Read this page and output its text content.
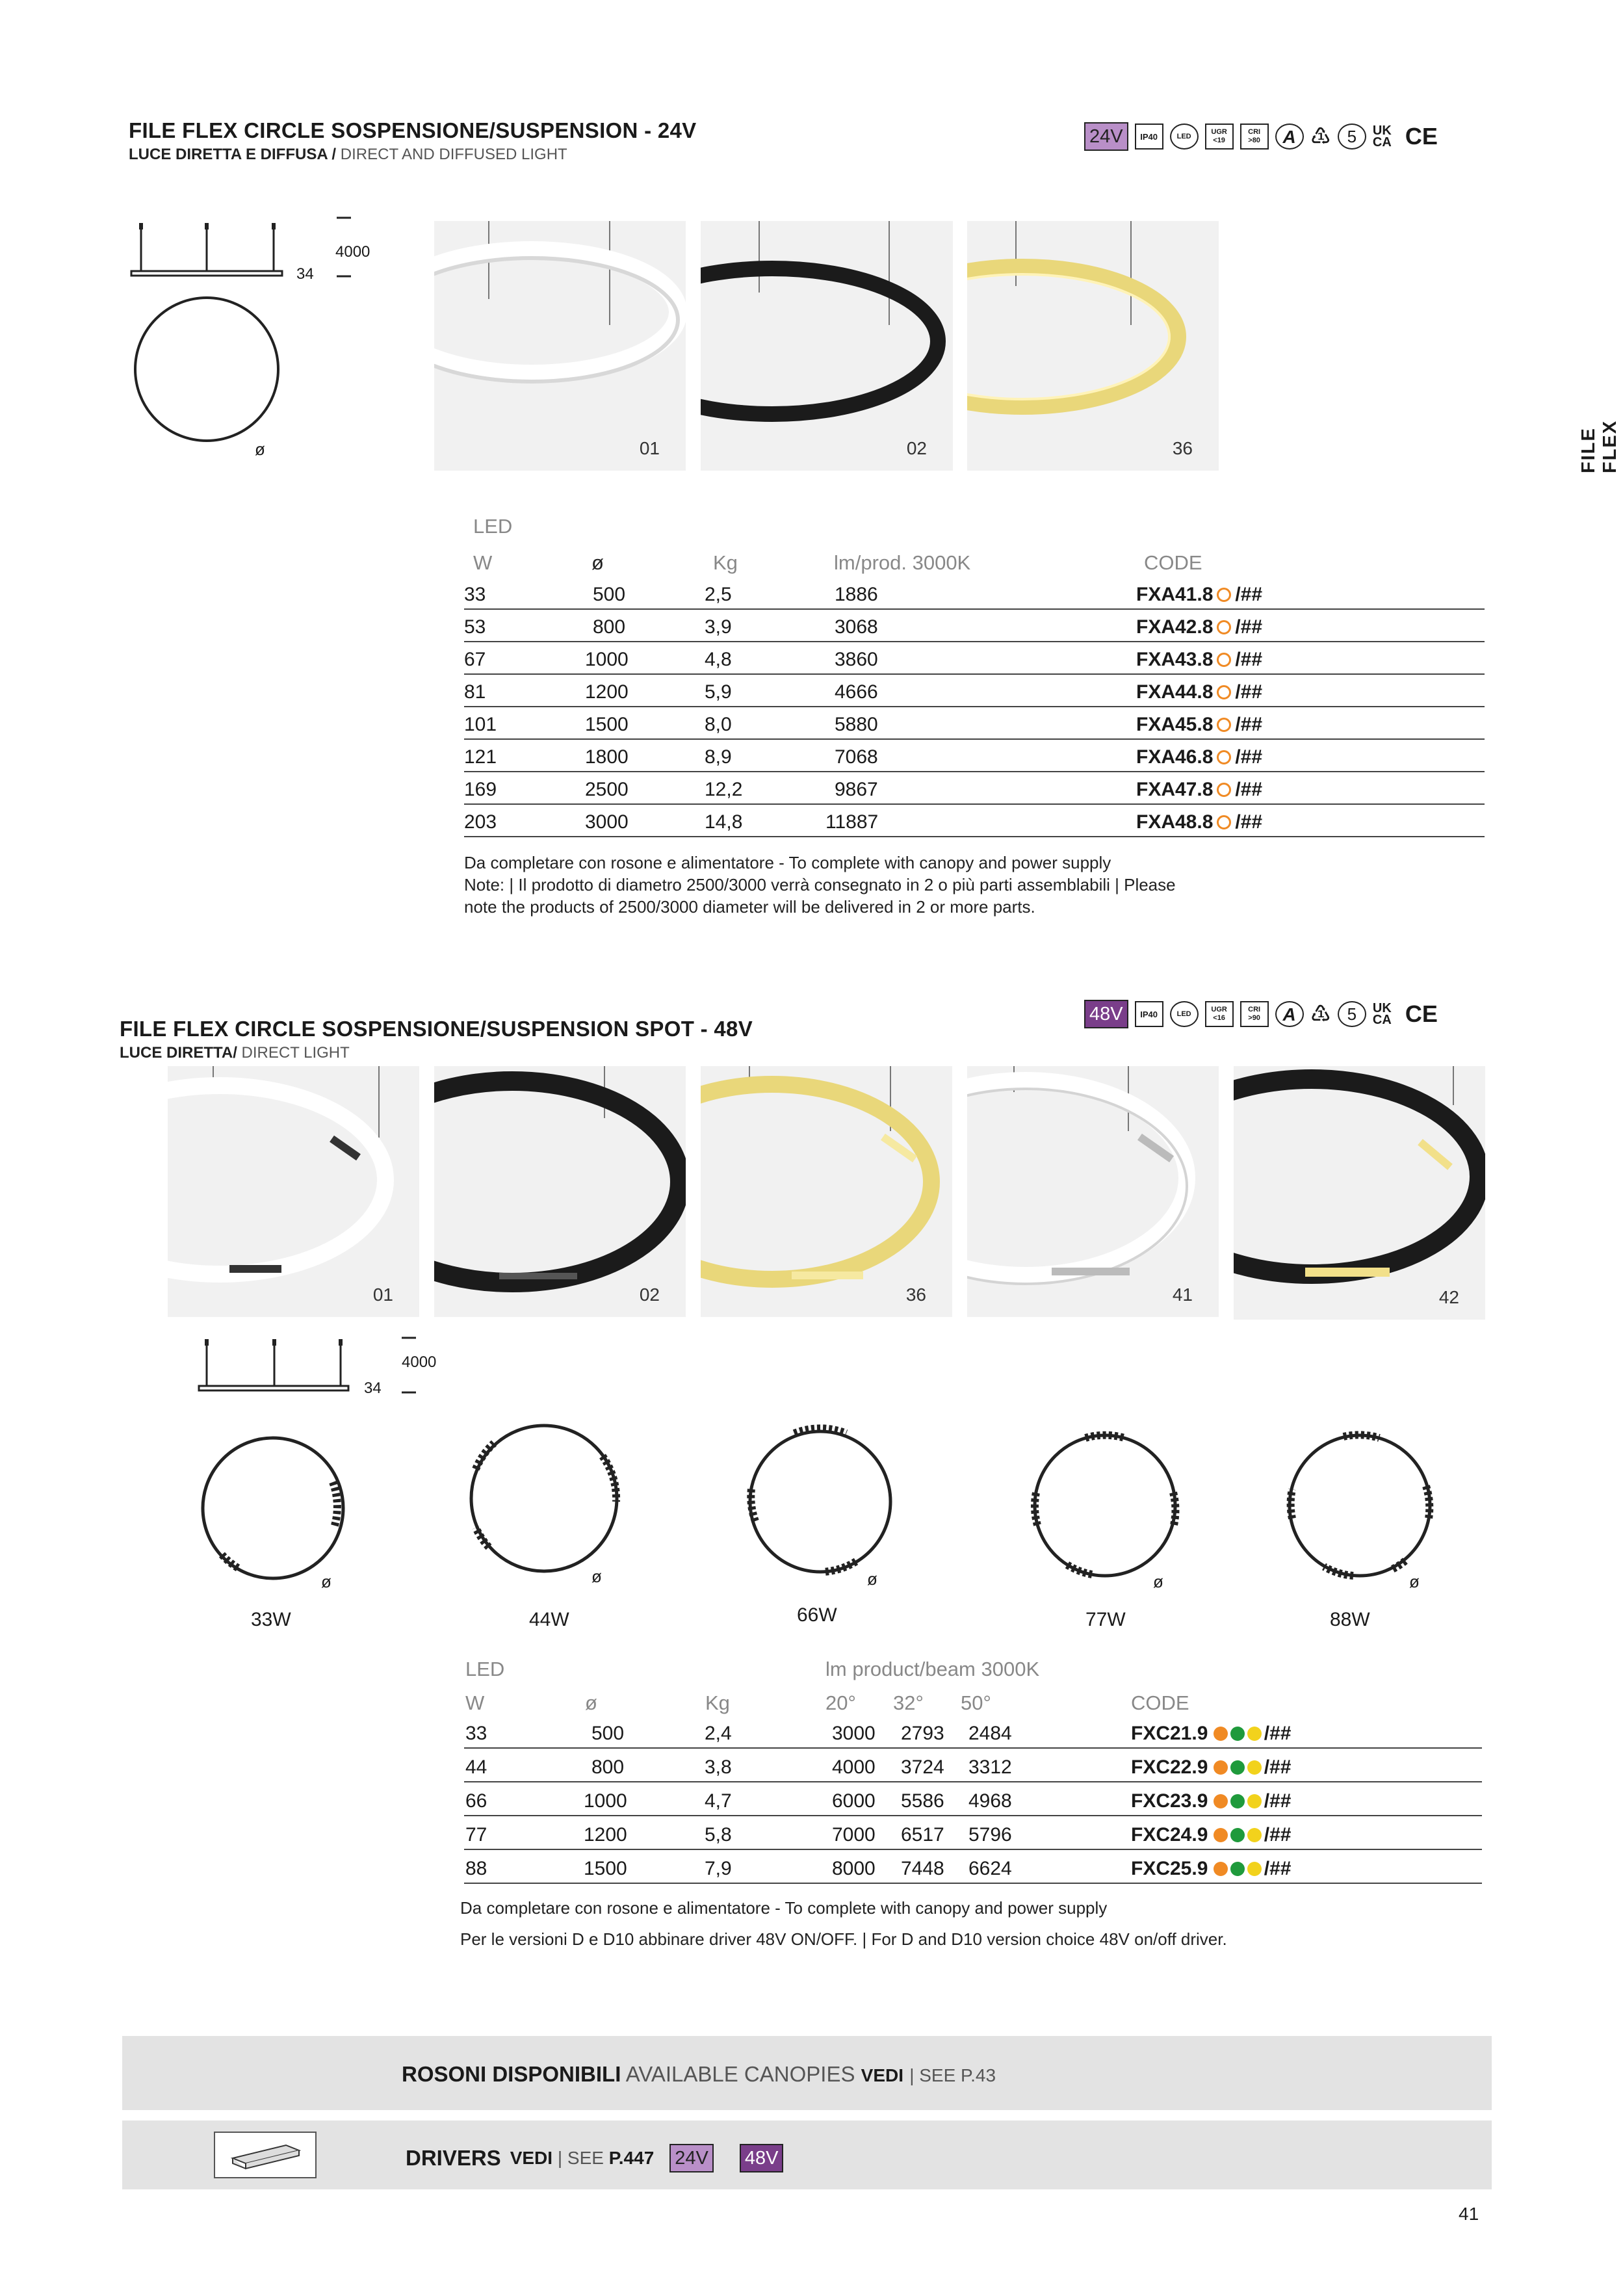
FILE FLEX
FILE FLEX CIRCLE SOSPENSIONE/SUSPENSION - 24V
LUCE DIRETTA E DIFFUSA / DIRECT AND DIFFUSED LIGHT
24V	IP40	LED
UGR <19
CRI >80	A ♳ 5	UK CA CE
4000
34
ø	01	02	36
LED
W	ø	Kg	lm/prod. 3000K	CODE
33	500	2,5	1886	FXA41.8 /##
53	800	3,9	3068	FXA42.8 /##
67	1000	4,8	3860	FXA43.8 /##
81	1200	5,9	4666	FXA44.8 /##
101	1500	8,0	5880	FXA45.8 /##
121	1800	8,9	7068	FXA46.8 /##
169	2500	12,2	9867	FXA47.8 /##
203	3000	14,8	11887	FXA48.8 /##
Da completare con rosone e alimentatore - To complete with canopy and power supply
Note: | Il prodotto di diametro 2500/3000 verrà consegnato in 2 o più parti assemblabili | Please
note the products of 2500/3000 diameter will be delivered in 2 or more parts.
48V	IP40	LED
UGR <16
CRI >90	A ♳ 5	UK CA CE
FILE FLEX CIRCLE SOSPENSIONE/SUSPENSION SPOT - 48V
LUCE DIRETTA/ DIRECT LIGHT
01	02	36	41	42
4000
34
ø
33W
ø
44W
ø
66W
ø
77W
ø
88W
LED	lm product/beam 3000K
W	ø	Kg	20° 32° 50°	CODE
33	500	2,4	3000 2793 2484	FXC21.9	/##
44	800	3,8	4000 3724 3312	FXC22.9	/##
66	1000	4,7	6000 5586 4968	FXC23.9	/##
77	1200	5,8	7000 6517 5796	FXC24.9	/##
88	1500	7,9	8000 7448 6624	FXC25.9	/##
Da completare con rosone e alimentatore - To complete with canopy and power supply
Per le versioni D e D10 abbinare driver 48V ON/OFF. | For D and D10 version choice 48V on/off driver.
ROSONI DISPONIBILI AVAILABLE CANOPIES VEDI | SEE P.43
DRIVERS VEDI | SEE P.447 24V 48V
41
